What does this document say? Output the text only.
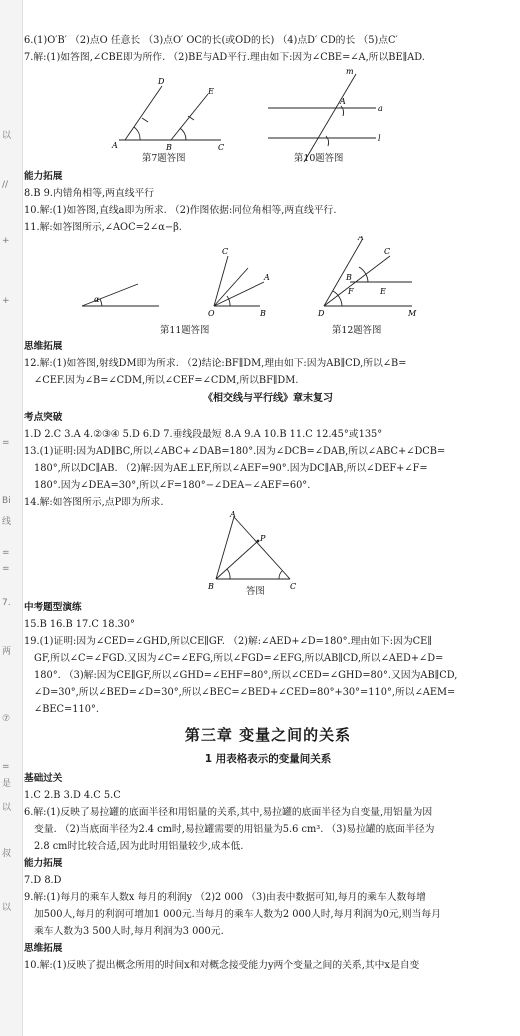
以
//
+
+
=
Bi
线
=
=
7.
两
⑦
=
是
以
叔
以
6.(1)O′B′ （2)点O 任意长 （3)点O′ OC的长(或OD的长) （4)点D′ CD的长 （5)点C′
7.解:(1)如答图,∠CBE即为所作. （2)BE与AD平行.理由如下:因为∠CBE=∠A,所以BE∥AD.
A
D
B
E
C
m
a
l
A
第7题答图	第10题答图
能力拓展
8.B 9.内错角相等,两直线平行
10.解:(1)如答图,直线a即为所求. （2)作图依据:同位角相等,两直线平行.
11.解:如答图所示,∠AOC=2∠α−β.
α
O	B
C
A
D	M
A
B
E
F
C
第11题答图	第12题答图
思维拓展
12.解:(1)如答图,射线DM即为所求. （2)结论:BF∥DM,理由如下:因为AB∥CD,所以∠B=
∠CEF.因为∠B=∠CDM,所以∠CEF=∠CDM,所以BF∥DM.
《相交线与平行线》章末复习
考点突破
1.D 2.C 3.A 4.②③④ 5.D 6.D 7.垂线段最短 8.A 9.A 10.B 11.C 12.45°或135°
13.(1)证明:因为AD∥BC,所以∠ABC+∠DAB=180°.因为∠DCB=∠DAB,所以∠ABC+∠DCB=
180°,所以DC∥AB. （2)解:因为AE⊥EF,所以∠AEF=90°.因为DC∥AB,所以∠DEF+∠F=
180°.因为∠DEA=30°,所以∠F=180°−∠DEA−∠AEF=60°.
14.解:如答图所示,点P即为所求.
A
B	C
P
答图
中考题型演练
15.B 16.B 17.C 18.30°
19.(1)证明:因为∠CED=∠GHD,所以CE∥GF. （2)解:∠AED+∠D=180°.理由如下:因为CE∥
GF,所以∠C=∠FGD.又因为∠C=∠EFG,所以∠FGD=∠EFG,所以AB∥CD,所以∠AED+∠D=
180°. （3)解:因为CE∥GF,所以∠GHD=∠EHF=80°,所以∠CED=∠GHD=80°.又因为AB∥CD,
∠D=30°,所以∠BED=∠D=30°,所以∠BEC=∠BED+∠CED=80°+30°=110°,所以∠AEM=
∠BEC=110°.
第三章 变量之间的关系
1 用表格表示的变量间关系
基础过关
1.C 2.B 3.D 4.C 5.C
6.解:(1)反映了易拉罐的底面半径和用铝量的关系,其中,易拉罐的底面半径为自变量,用铝量为因
变量. （2)当底面半径为2.4 cm时,易拉罐需要的用铝量为5.6 cm³. （3)易拉罐的底面半径为
2.8 cm时比较合适,因为此时用铝量较少,成本低.
能力拓展
7.D 8.D
9.解:(1)每月的乘车人数x 每月的利润y （2)2 000 （3)由表中数据可知,每月的乘车人数每增
加500人,每月的利润可增加1 000元.当每月的乘车人数为2 000人时,每月利润为0元,则当每月
乘车人数为3 500人时,每月利润为3 000元.
思维拓展
10.解:(1)反映了提出概念所用的时间x和对概念接受能力y两个变量之间的关系,其中x是自变
